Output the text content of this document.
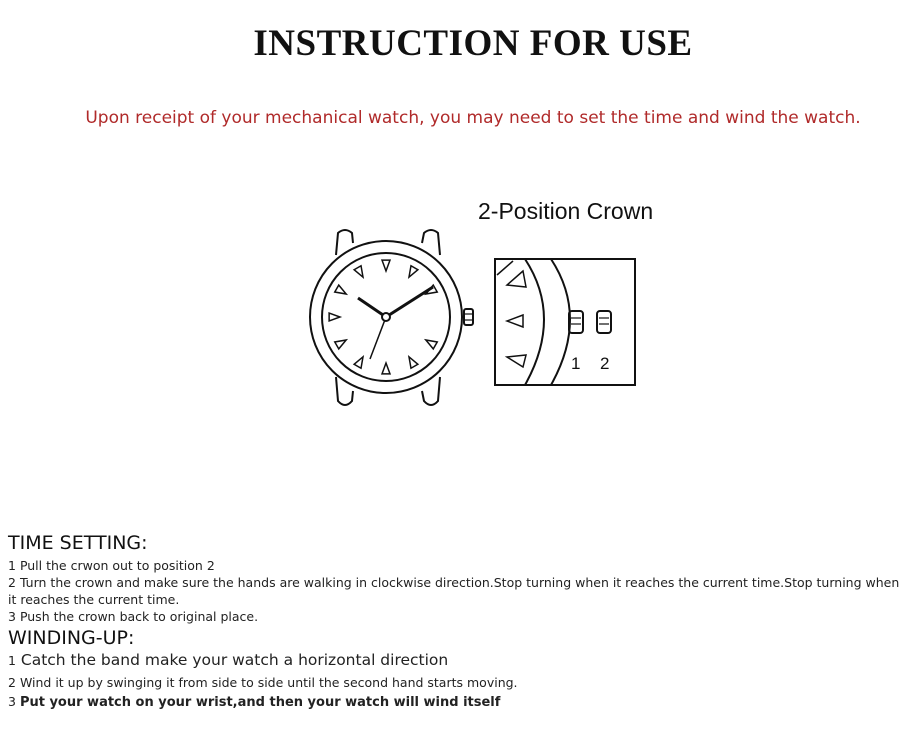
INSTRUCTION FOR USE
Upon receipt of your mechanical watch, you may need to set the time and wind the watch.
2-Position Crown
1 2
TIME SETTING:
1 Pull the crwon out to position 2
2 Turn the crown and make sure the hands are walking in clockwise direction.Stop turning when it reaches the current time.Stop turning when it reaches the current time.
3 Push the crown back to original place.
WINDING-UP:
1 Catch the band make your watch a horizontal direction
2 Wind it up by swinging it from side to side until the second hand starts moving.
3 Put your watch on your wrist,and then your watch will wind itself
